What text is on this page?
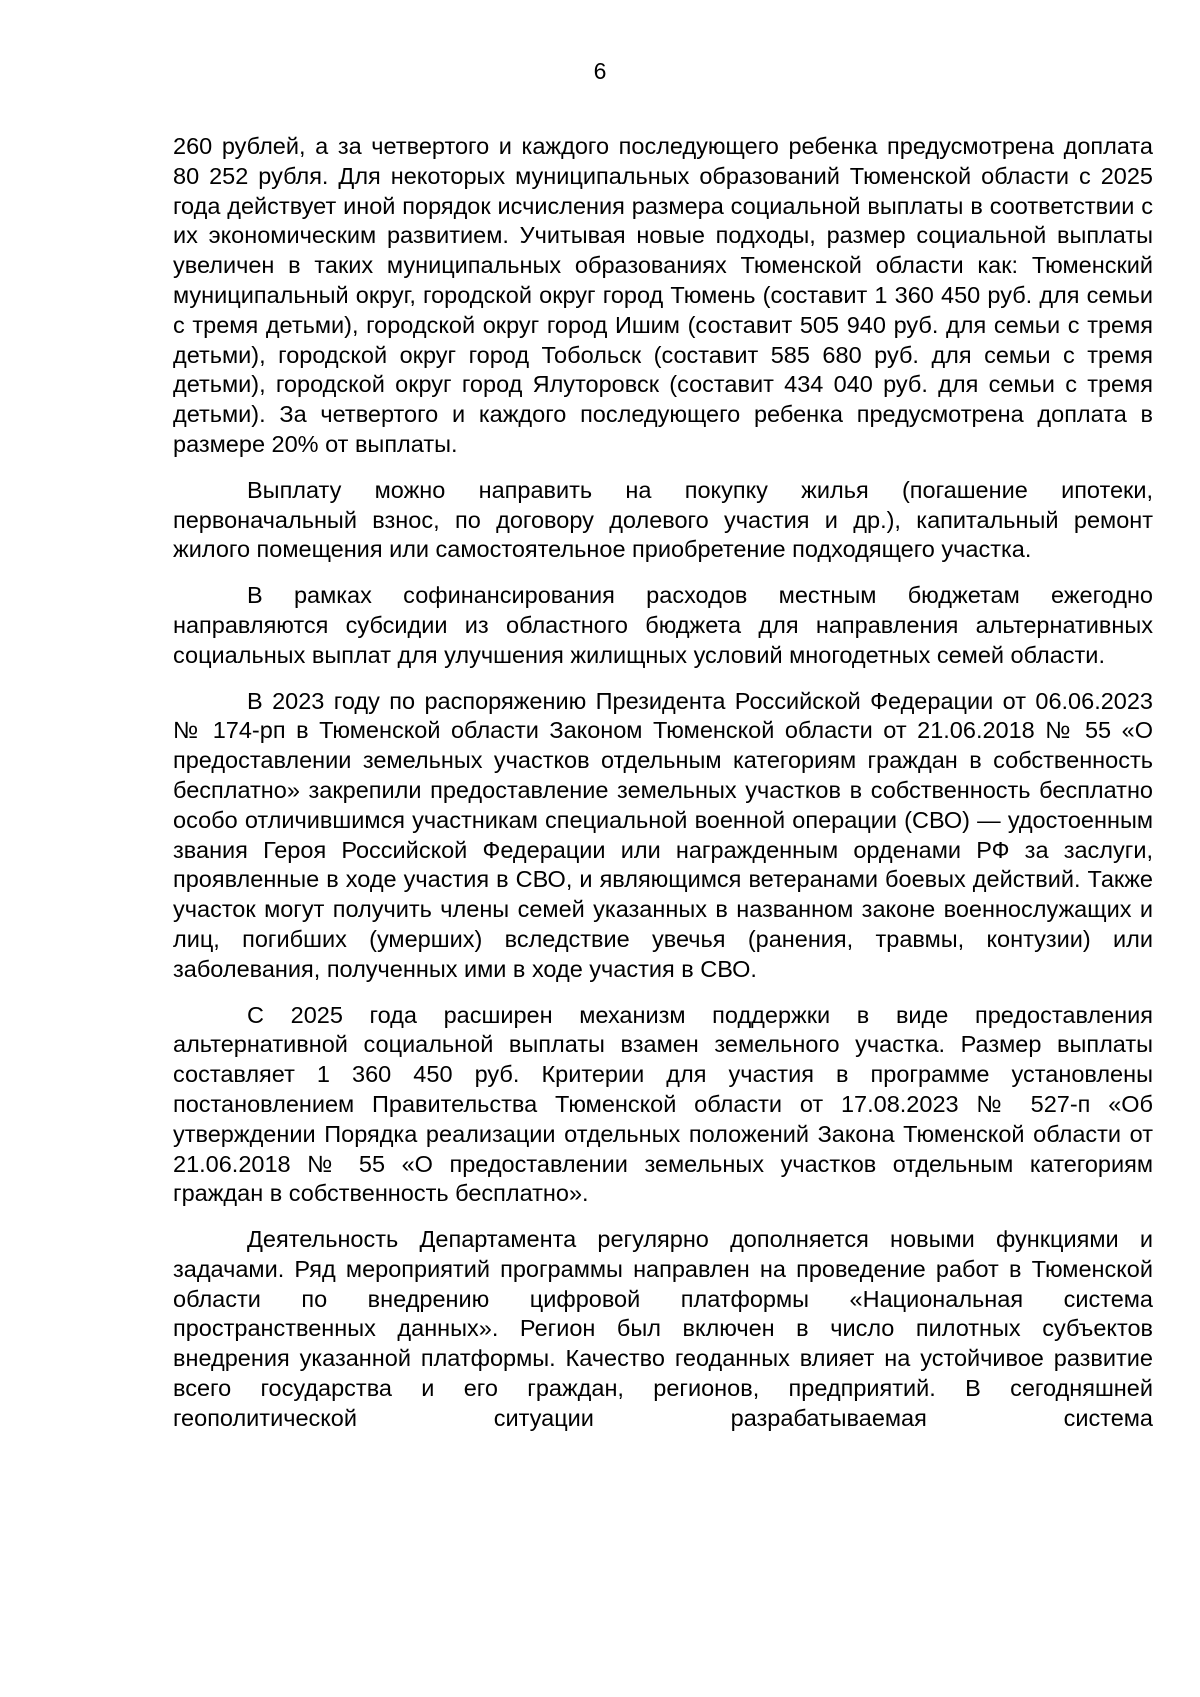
6

260 рублей, а за четвертого и каждого последующего ребенка предусмотрена доплата 80 252 рубля. Для некоторых муниципальных образований Тюменской области с 2025 года действует иной порядок исчисления размера социальной выплаты в соответствии с их экономическим развитием. Учитывая новые подходы, размер социальной выплаты увеличен в таких муниципальных образованиях Тюменской области как: Тюменский муниципальный округ, городской округ город Тюмень (составит 1 360 450 руб. для семьи с тремя детьми), городской округ город Ишим (составит 505 940 руб. для семьи с тремя детьми), городской округ город Тобольск (составит 585 680 руб. для семьи с тремя детьми), городской округ город Ялуторовск (составит 434 040 руб. для семьи с тремя детьми). За четвертого и каждого последующего ребенка предусмотрена доплата в размере 20% от выплаты.

Выплату можно направить на покупку жилья (погашение ипотеки, первоначальный взнос, по договору долевого участия и др.), капитальный ремонт жилого помещения или самостоятельное приобретение подходящего участка.

В рамках софинансирования расходов местным бюджетам ежегодно направляются субсидии из областного бюджета для направления альтернативных социальных выплат для улучшения жилищных условий многодетных семей области.

В 2023 году по распоряжению Президента Российской Федерации от 06.06.2023 № 174-рп в Тюменской области Законом Тюменской области от 21.06.2018 № 55 «О предоставлении земельных участков отдельным категориям граждан в собственность бесплатно» закрепили предоставление земельных участков в собственность бесплатно особо отличившимся участникам специальной военной операции (СВО) — удостоенным звания Героя Российской Федерации или награжденным орденами РФ за заслуги, проявленные в ходе участия в СВО, и являющимся ветеранами боевых действий. Также участок могут получить члены семей указанных в названном законе военнослужащих и лиц, погибших (умерших) вследствие увечья (ранения, травмы, контузии) или заболевания, полученных ими в ходе участия в СВО.

С 2025 года расширен механизм поддержки в виде предоставления альтернативной социальной выплаты взамен земельного участка. Размер выплаты составляет 1 360 450 руб. Критерии для участия в программе установлены постановлением Правительства Тюменской области от 17.08.2023 № 527-п «Об утверждении Порядка реализации отдельных положений Закона Тюменской области от 21.06.2018 № 55 «О предоставлении земельных участков отдельным категориям граждан в собственность бесплатно».

Деятельность Департамента регулярно дополняется новыми функциями и задачами. Ряд мероприятий программы направлен на проведение работ в Тюменской области по внедрению цифровой платформы «Национальная система пространственных данных». Регион был включен в число пилотных субъектов внедрения указанной платформы. Качество геоданных влияет на устойчивое развитие всего государства и его граждан, регионов, предприятий. В сегодняшней геополитической ситуации разрабатываемая система
